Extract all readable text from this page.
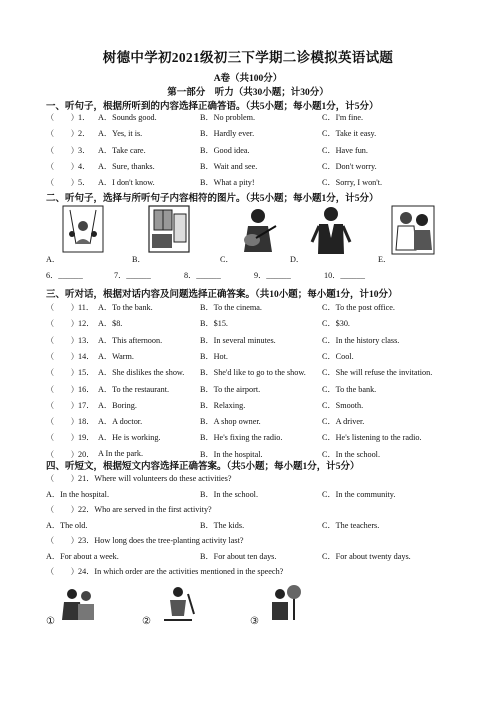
树德中学初2021级初三下学期二诊模拟英语试题
A卷（共100分）
第一部分　听力（共30小题；计30分）
一、听句子，根据所听到的内容选择正确答语。（共5小题；每小题1分，计5分）
（　　） 1． A．Sounds good.	B．No problem.	C．I'm fine.
（　　） 2． A．Yes, it is.	B．Hardly ever.	C．Take it easy.
（　　） 3． A．Take care.	B．Good idea.	C．Have fun.
（　　） 4． A．Sure, thanks.	B．Wait and see.	C．Don't worry.
（　　） 5． A．I don't know.	B．What a pity!	C．Sorry, I won't.
二、听句子，选择与所听句子内容相符的图片。（共5小题；每小题1分，计5分）
A．	B．	C．	D．	E．
6．______	7．______	8．______	9．______	10．______
三、听对话，根据对话内容及问题选择正确答案。（共10小题；每小题1分，计10分）
（　　） 11． A．To the bank.	B．To the cinema.	C．To the post office.
（　　） 12． A．$8.	B．$15.	C．$30.
（　　） 13． A．This afternoon.	B．In several minutes.	C．In the history class.
（　　） 14． A．Warm.	B．Hot.	C．Cool.
（　　） 15． A．She dislikes the show. B．She'd like to go to the show. C．She will refuse the invitation.
（　　） 16． A．To the restaurant.	B．To the airport.	C．To the bank.
（　　） 17． A．Boring.	B．Relaxing.	C．Smooth.
（　　） 18． A．A doctor.	B．A shop owner.	C．A driver.
（　　） 19． A．He is working.	B．He's fixing the radio.	C．He's listening to the radio.
（　　） 20． A In the park.	B．In the hospital.	C．In the school.
四、听短文，根据短文内容选择正确答案。（共5小题；每小题1分，计5分）
（　　） 21．Where will volunteers do these activities?
A．In the hospital.	B．In the school.	C．In the community.
（　　） 22．Who are served in the first activity?
A．The old.	B．The kids.	C．The teachers.
（　　） 23．How long does the tree-planting activity last?
A．For about a week.	B．For about ten days.	C．For about twenty days.
（　　） 24．In which order are the activities mentioned in the speech?
①	②	③
